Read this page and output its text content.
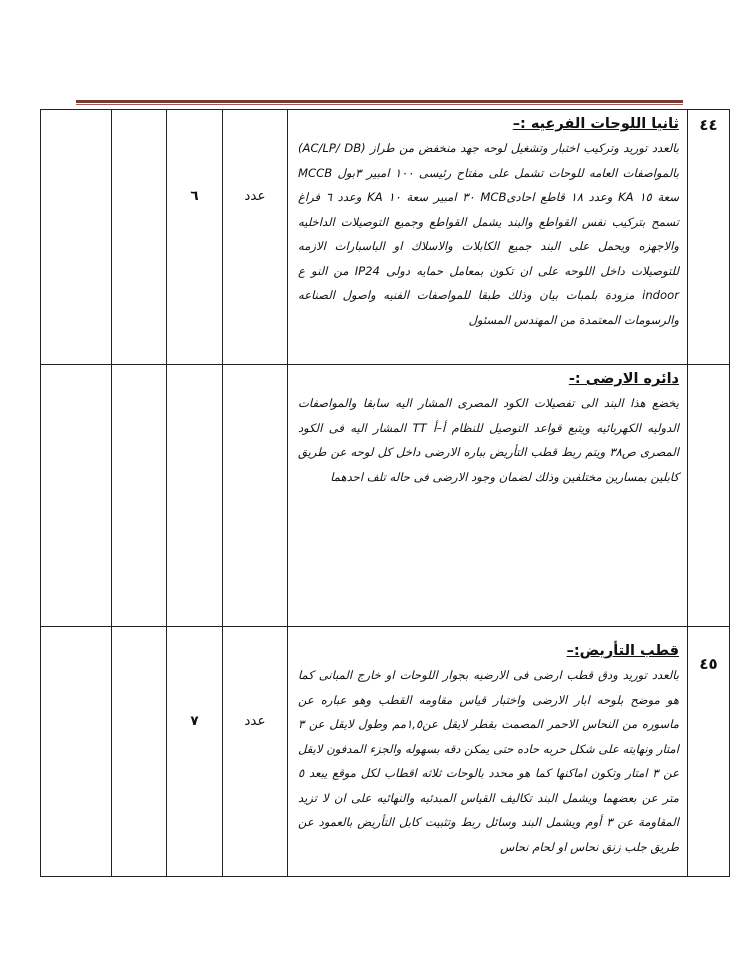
٤٤	ثانيا اللوحات الفرعيه :–
بالعدد توريد وتركيب اختبار وتشغيل لوحه جهد منخفض من طراز (AC/LP/ DB) بالمواصفات العامه للوحات تشمل على مفتاح رئيسى ١٠٠ امبير ٣بول MCCB سعة ١٥ KA وعدد ١٨ قاطع احادىMCB ٣٠ امبير سعة ١٠ KA وعدد ٦ فراغ تسمح بتركيب نفس القواطع والبند يشمل القواطع وجميع التوصيلات الداخليه والاجهزه ويحمل على البند جميع الكابلات والاسلاك او الباسبارات الازمه للتوصيلات داخل اللوحه على ان تكون بمعامل حمايه دولى IP24 من النو ع indoor مزودة بلمبات بيان وذلك طبقا للمواصفات الفنيه واصول الصناعه والرسومات المعتمدة من المهندس المسئول	عدد	٦		

	دائره الارضى :-
يخضع هذا البند الى تفصيلات الكود المصرى المشار اليه سابقا والمواصفات الدوليه الكهربائيه ويتبع قواعد التوصيل للنظام أ–أ TT المشار اليه فى الكود المصرى ص٣٨ ويتم ربط قطب التأريض بباره الارضى داخل كل لوحه عن طريق كابلين بمسارين مختلفين وذلك لضمان وجود الارضى فى حاله تلف احدهما				

٤٥	قطب التأريض:–
بالعدد توريد ودق قطب ارضى فى الارضيه بجوار اللوحات او خارج المبانى كما هو موضح بلوحه ابار الارضى واختبار قياس مقاومه القطب وهو عباره عن ماسوره من النحاس الاحمر المصمت بقطر لايقل عن١,٥مم وطول لايقل عن ٣ امتار ونهايته على شكل حربه حاده حتى يمكن دقه بسهوله والجزء المدفون لايقل عن ٣ امتار وتكون اماكنها كما هو محدد بالوحات ثلاثه اقطاب لكل موقع يبعد ٥ متر عن بعضهما ويشمل البند تكاليف القياس المبدئيه والنهائيه على ان لا تزيد المقاومة عن ٣ أوم ويشمل البند وسائل ربط وتثبيت كابل التأريض بالعمود عن طريق جلب زنق نحاس او لحام نحاس	عدد	٧		
